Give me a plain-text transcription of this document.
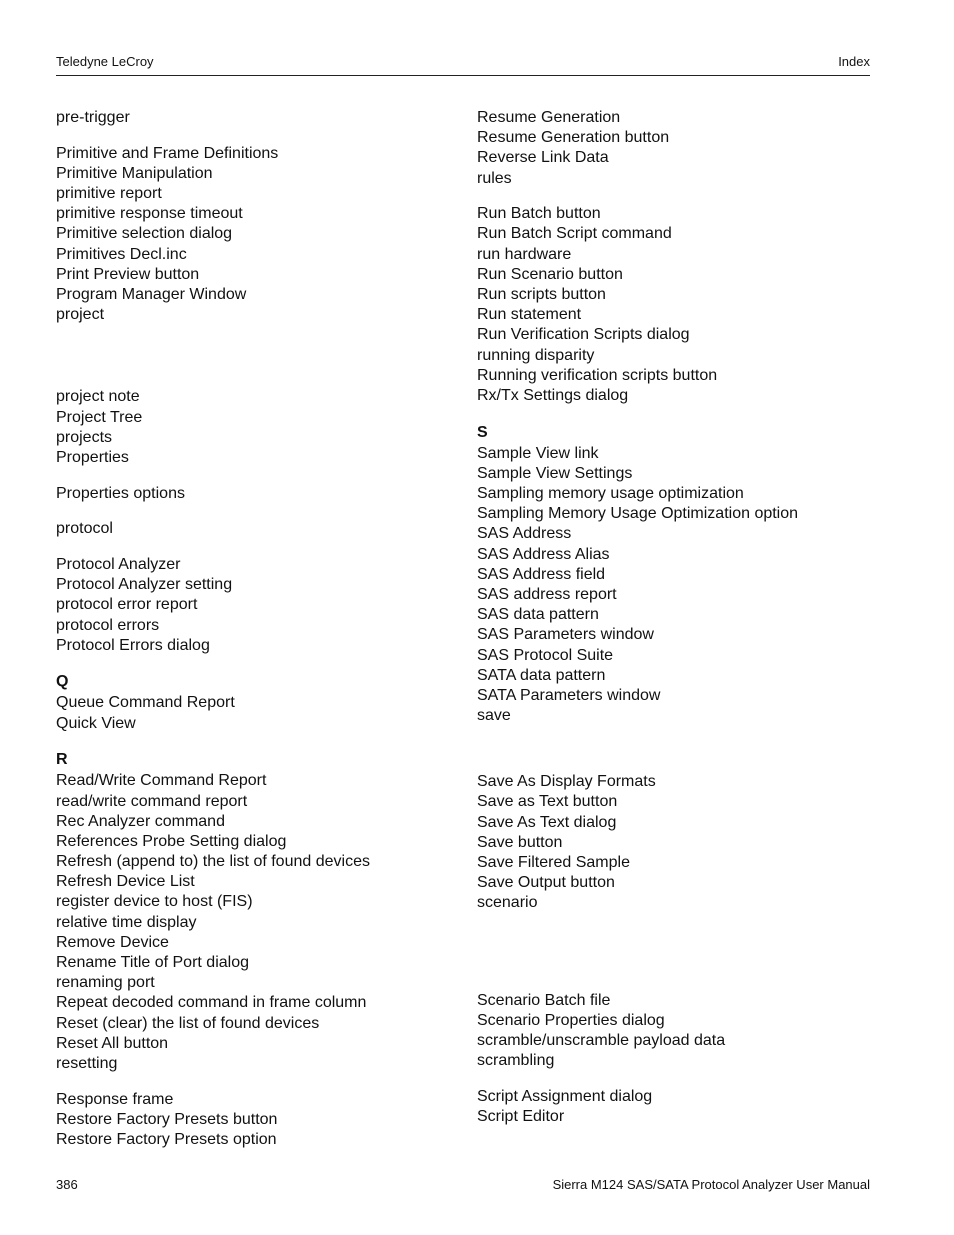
Teledyne LeCroy	Index
pre-trigger
Primitive and Frame Definitions
Primitive Manipulation
primitive report
primitive response timeout
Primitive selection dialog
Primitives Decl.inc
Print Preview button
Program Manager Window
project
project note
Project Tree
projects
Properties
Properties options
protocol
Protocol Analyzer
Protocol Analyzer setting
protocol error report
protocol errors
Protocol Errors dialog
Q
Queue Command Report
Quick View
R
Read/Write Command Report
read/write command report
Rec Analyzer command
References Probe Setting dialog
Refresh (append to) the list of found devices
Refresh Device List
register device to host (FIS)
relative time display
Remove Device
Rename Title of Port dialog
renaming port
Repeat decoded command in frame column
Reset (clear) the list of found devices
Reset All button
resetting
Response frame
Restore Factory Presets button
Restore Factory Presets option
Resume Generation
Resume Generation button
Reverse Link Data
rules
Run Batch button
Run Batch Script command
run hardware
Run Scenario button
Run scripts button
Run statement
Run Verification Scripts dialog
running disparity
Running verification scripts button
Rx/Tx Settings dialog
S
Sample View link
Sample View Settings
Sampling memory usage optimization
Sampling Memory Usage Optimization option
SAS Address
SAS Address Alias
SAS Address field
SAS address report
SAS data pattern
SAS Parameters window
SAS Protocol Suite
SATA data pattern
SATA Parameters window
save
Save As Display Formats
Save as Text button
Save As Text dialog
Save button
Save Filtered Sample
Save Output button
scenario
Scenario Batch file
Scenario Properties dialog
scramble/unscramble payload data
scrambling
Script Assignment dialog
Script Editor
386	Sierra M124 SAS/SATA Protocol Analyzer User Manual
